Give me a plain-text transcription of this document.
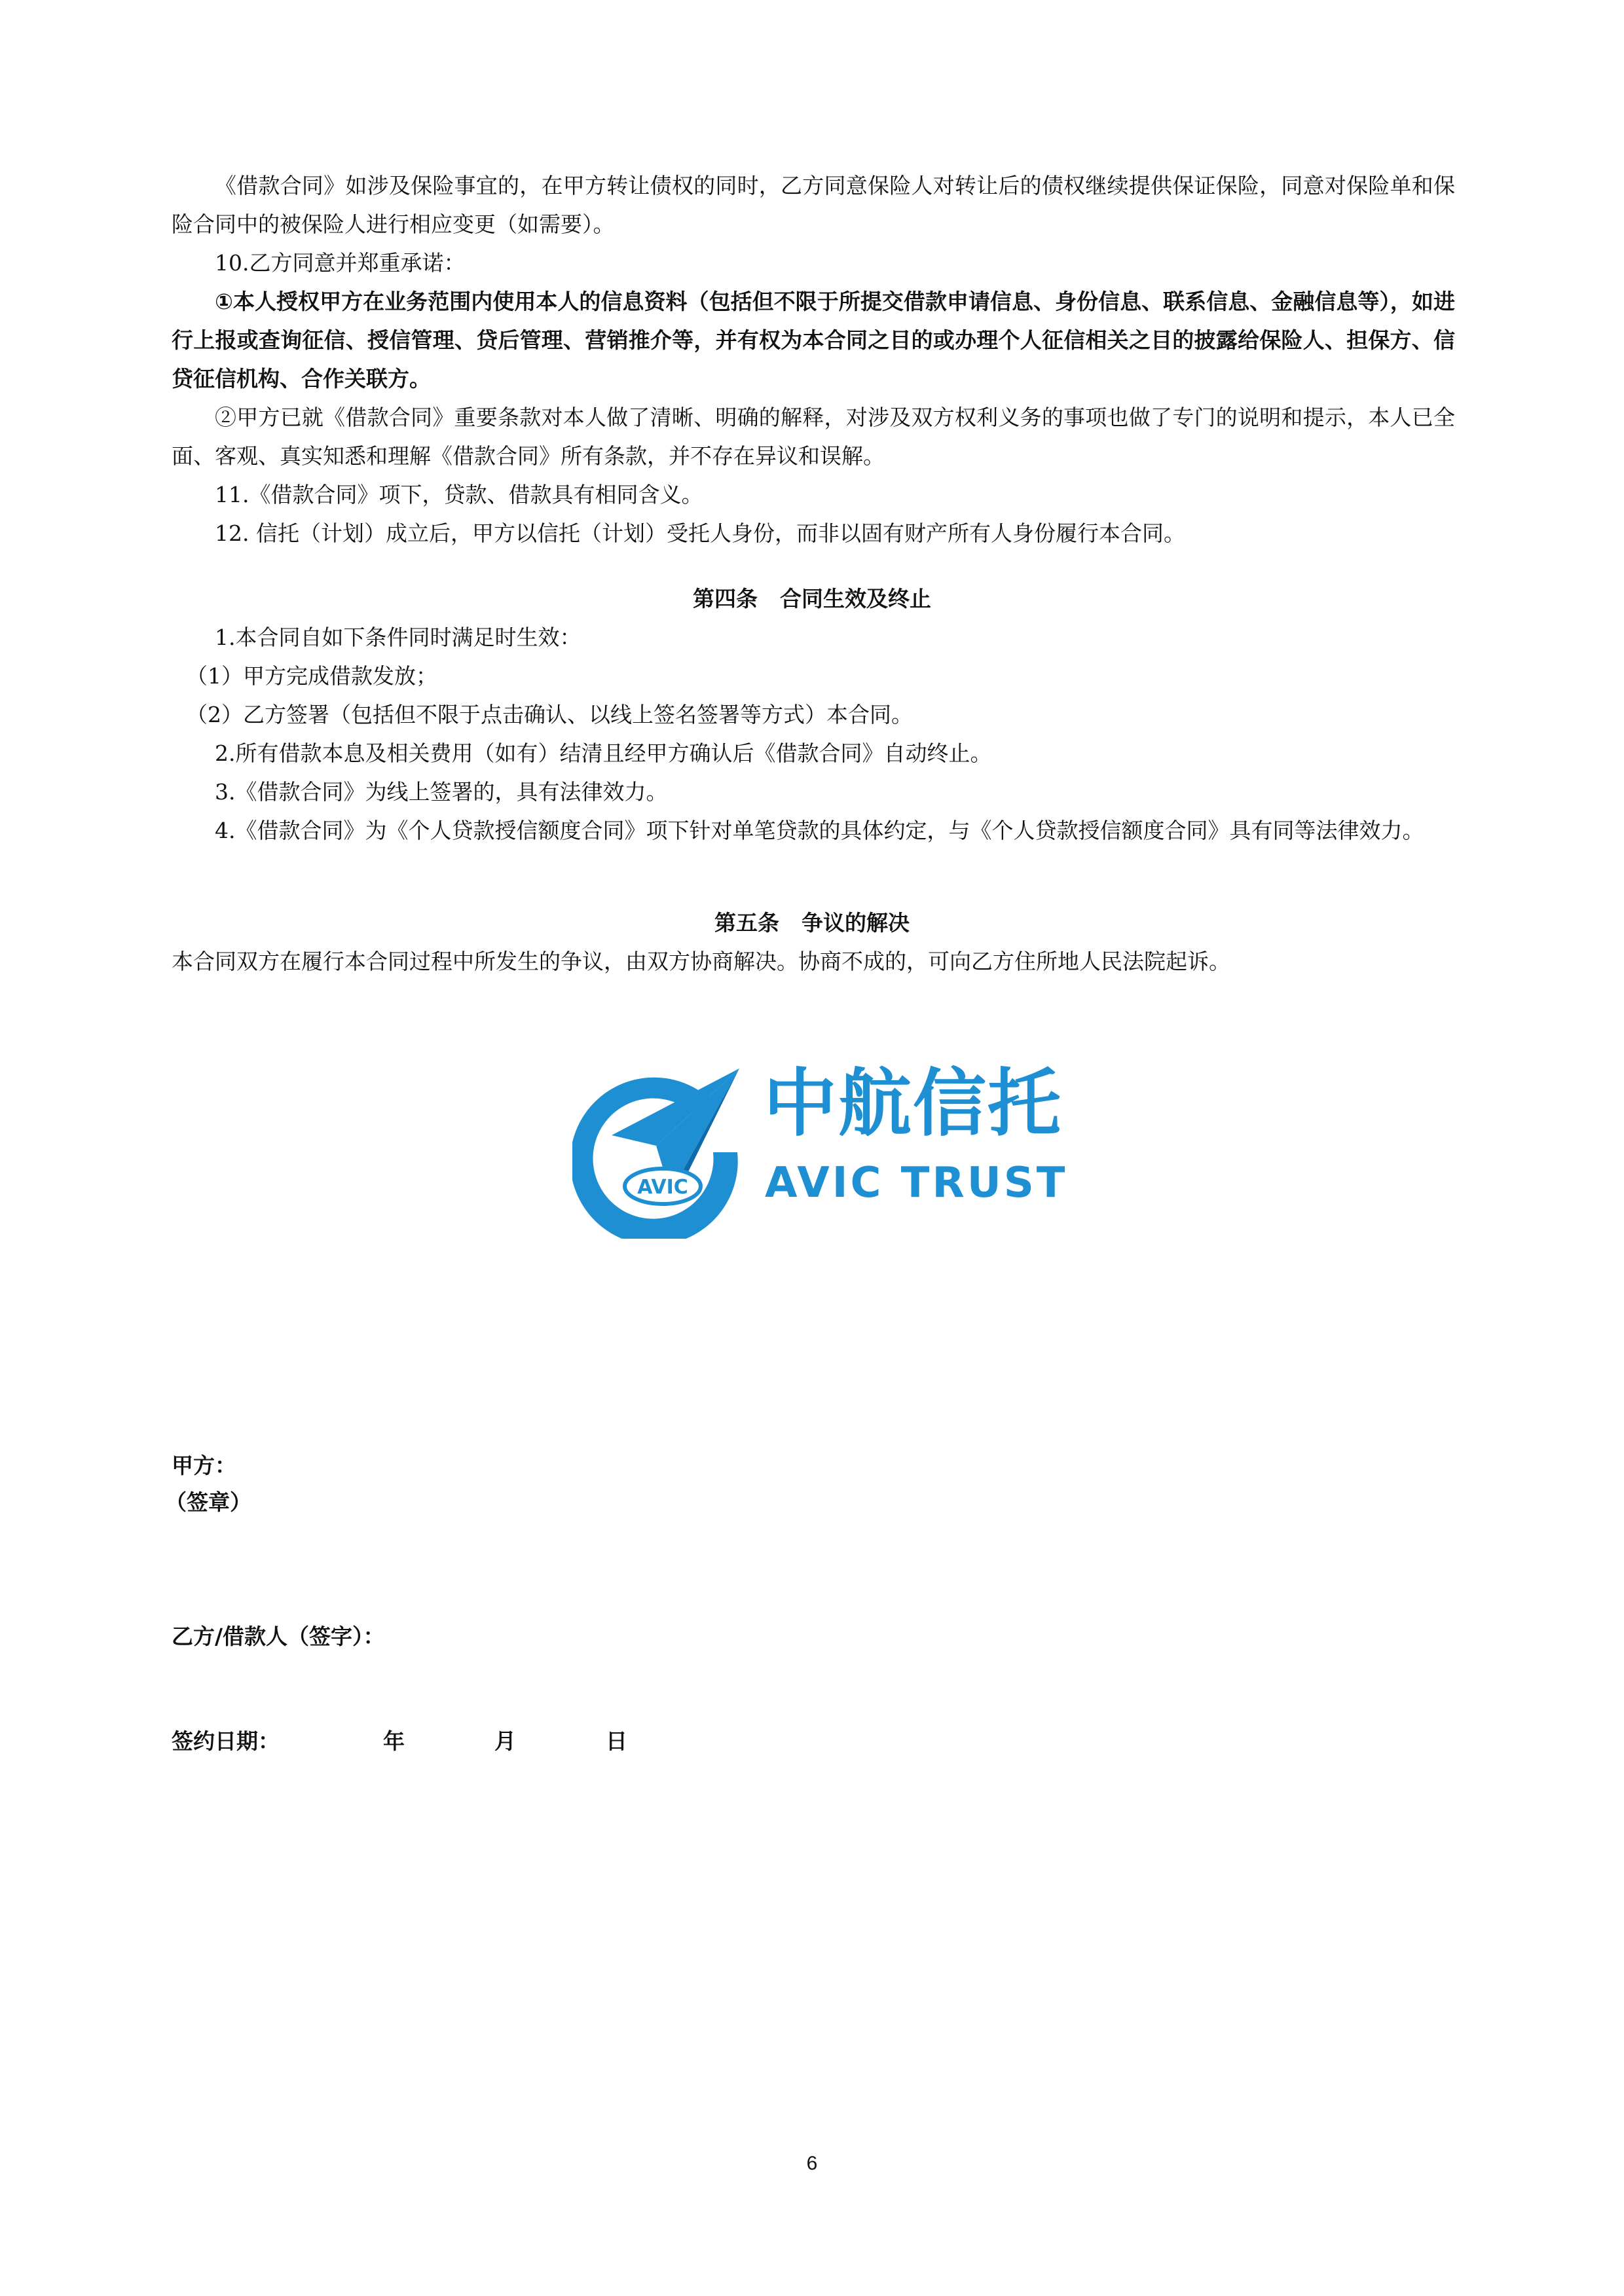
《借款合同》如涉及保险事宜的，在甲方转让债权的同时，乙方同意保险人对转让后的债权继续提供保证保险，同意对保险单和保险合同中的被保险人进行相应变更（如需要）。

10.乙方同意并郑重承诺：

①本人授权甲方在业务范围内使用本人的信息资料（包括但不限于所提交借款申请信息、身份信息、联系信息、金融信息等），如进行上报或查询征信、授信管理、贷后管理、营销推介等，并有权为本合同之目的或办理个人征信相关之目的披露给保险人、担保方、信贷征信机构、合作关联方。

②甲方已就《借款合同》重要条款对本人做了清晰、明确的解释，对涉及双方权利义务的事项也做了专门的说明和提示，本人已全面、客观、真实知悉和理解《借款合同》所有条款，并不存在异议和误解。

11.《借款合同》项下，贷款、借款具有相同含义。

12. 信托（计划）成立后，甲方以信托（计划）受托人身份，而非以固有财产所有人身份履行本合同。

第四条 合同生效及终止

1.本合同自如下条件同时满足时生效：

（1）甲方完成借款发放；

（2）乙方签署（包括但不限于点击确认、以线上签名签署等方式）本合同。

2.所有借款本息及相关费用（如有）结清且经甲方确认后《借款合同》自动终止。

3.《借款合同》为线上签署的，具有法律效力。

4.《借款合同》为《个人贷款授信额度合同》项下针对单笔贷款的具体约定，与《个人贷款授信额度合同》具有同等法律效力。

第五条 争议的解决

本合同双方在履行本合同过程中所发生的争议，由双方协商解决。协商不成的，可向乙方住所地人民法院起诉。

AVIC
中航信托
AVIC TRUST

甲方：

（签章）

乙方/借款人（签字）：

签约日期：	年	月	日

6
